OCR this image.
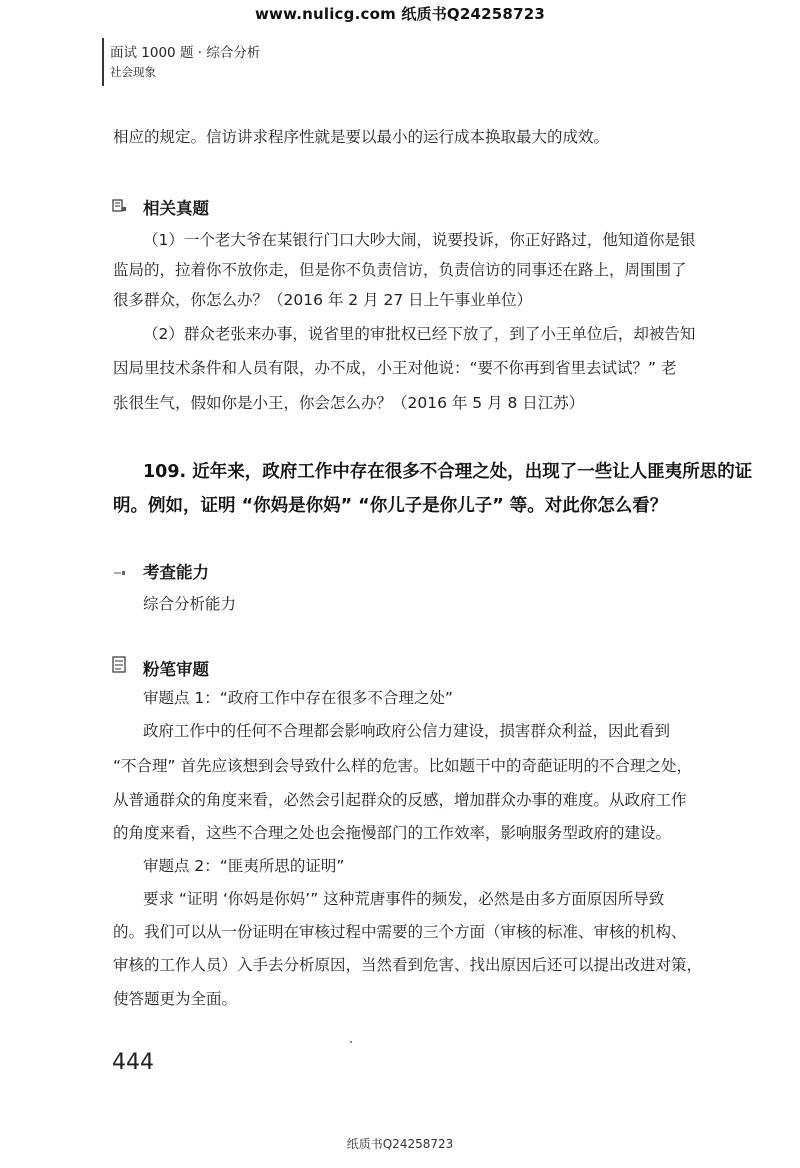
www.nulicg.com 纸质书Q24258723
面试 1000 题 · 综合分析
社会现象
相应的规定。信访讲求程序性就是要以最小的运行成本换取最大的成效。
相关真题
（1）一个老大爷在某银行门口大吵大闹，说要投诉，你正好路过，他知道你是银
监局的，拉着你不放你走，但是你不负责信访，负责信访的同事还在路上，周围围了
很多群众，你怎么办？（2016 年 2 月 27 日上午事业单位）
（2）群众老张来办事，说省里的审批权已经下放了，到了小王单位后，却被告知
因局里技术条件和人员有限，办不成，小王对他说：“要不你再到省里去试试？” 老
张很生气，假如你是小王，你会怎么办？（2016 年 5 月 8 日江苏）
109. 近年来，政府工作中存在很多不合理之处，出现了一些让人匪夷所思的证
明。例如，证明 “你妈是你妈” “你儿子是你儿子” 等。对此你怎么看？
考查能力
综合分析能力
粉笔审题
审题点 1：“政府工作中存在很多不合理之处”
政府工作中的任何不合理都会影响政府公信力建设，损害群众利益，因此看到
“不合理” 首先应该想到会导致什么样的危害。比如题干中的奇葩证明的不合理之处，
从普通群众的角度来看，必然会引起群众的反感，增加群众办事的难度。从政府工作
的角度来看，这些不合理之处也会拖慢部门的工作效率，影响服务型政府的建设。
审题点 2：“匪夷所思的证明”
要求 “证明 ‘你妈是你妈’” 这种荒唐事件的频发，必然是由多方面原因所导致
的。我们可以从一份证明在审核过程中需要的三个方面（审核的标准、审核的机构、
审核的工作人员）入手去分析原因，当然看到危害、找出原因后还可以提出改进对策，
使答题更为全面。
444
纸质书Q24258723
